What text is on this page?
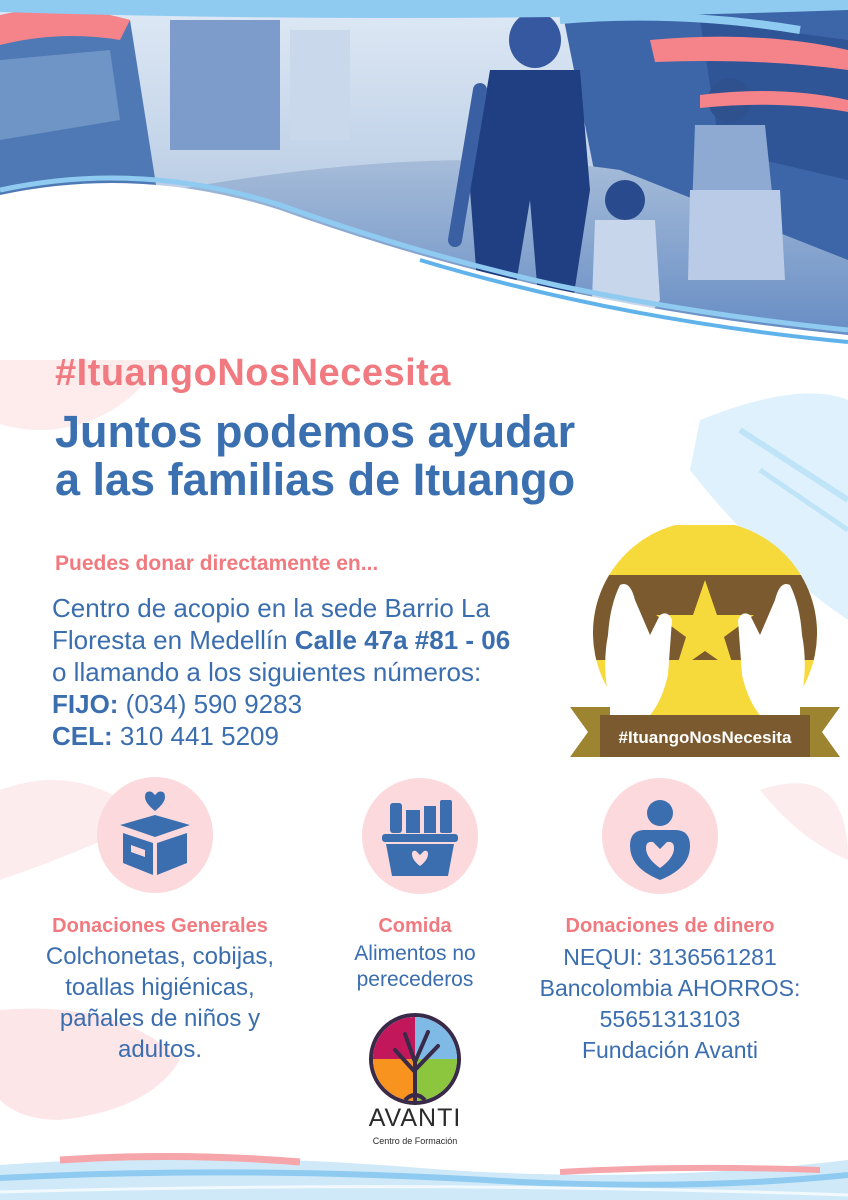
#ItuangoNosNecesita
Juntos podemos ayudar
a las familias de Ituango
Puedes donar directamente en...
Centro de acopio en la sede Barrio La
Floresta en Medellín Calle 47a #81 - 06
o llamando a los siguientes números:
FIJO: (034) 590 9283
CEL: 310 441 5209	#ItuangoNosNecesita
Donaciones Generales
Colchonetas, cobijas,
toallas higiénicas,
pañales de niños y
adultos.
Comida
Alimentos no
perecederos
Donaciones de dinero
NEQUI: 3136561281
Bancolombia AHORROS:
55651313103
Fundación Avanti
AVANTI
Centro de Formación
